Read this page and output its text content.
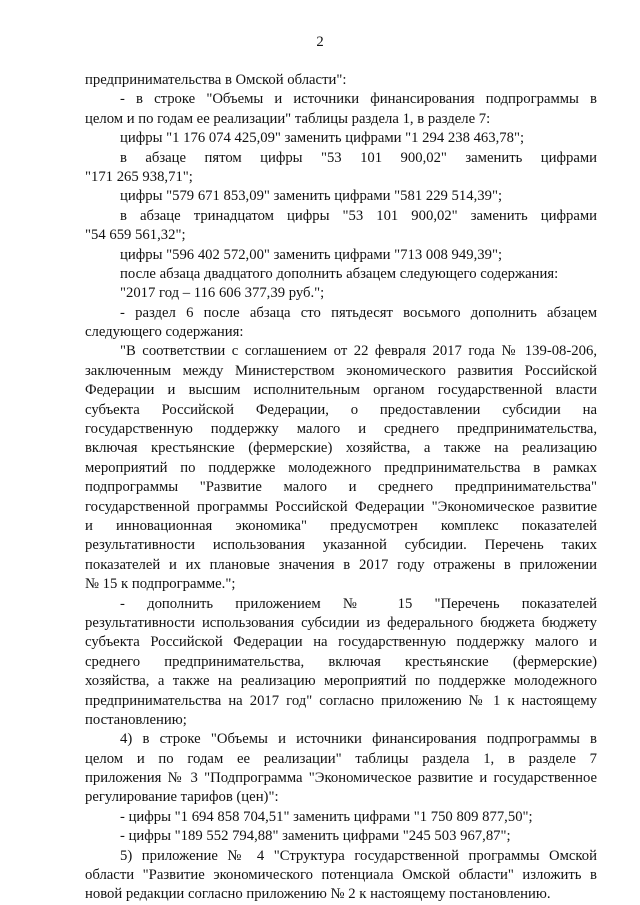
2
предпринимательства в Омской области":
- в строке "Объемы и источники финансирования подпрограммы в
целом и по годам ее реализации" таблицы раздела 1, в разделе 7:
цифры "1 176 074 425,09" заменить цифрами "1 294 238 463,78";
в абзаце пятом цифры "53 101 900,02" заменить цифрами
"171 265 938,71";
цифры "579 671 853,09" заменить цифрами "581 229 514,39";
в абзаце тринадцатом цифры "53 101 900,02" заменить цифрами
"54 659 561,32";
цифры "596 402 572,00" заменить цифрами "713 008 949,39";
после абзаца двадцатого дополнить абзацем следующего содержания:
"2017 год – 116 606 377,39 руб.";
- раздел 6 после абзаца сто пятьдесят восьмого дополнить абзацем
следующего содержания:
"В соответствии с соглашением от 22 февраля 2017 года № 139-08-206,
заключенным между Министерством экономического развития Российской
Федерации и высшим исполнительным органом государственной власти
субъекта Российской Федерации, о предоставлении субсидии на
государственную поддержку малого и среднего предпринимательства,
включая крестьянские (фермерские) хозяйства, а также на реализацию
мероприятий по поддержке молодежного предпринимательства в рамках
подпрограммы "Развитие малого и среднего предпринимательства"
государственной программы Российской Федерации "Экономическое развитие
и инновационная экономика" предусмотрен комплекс показателей
результативности использования указанной субсидии. Перечень таких
показателей и их плановые значения в 2017 году отражены в приложении
№ 15 к подпрограмме.";
- дополнить приложением № 15 "Перечень показателей
результативности использования субсидии из федерального бюджета бюджету
субъекта Российской Федерации на государственную поддержку малого и
среднего предпринимательства, включая крестьянские (фермерские)
хозяйства, а также на реализацию мероприятий по поддержке молодежного
предпринимательства на 2017 год" согласно приложению № 1 к настоящему
постановлению;
4) в строке "Объемы и источники финансирования подпрограммы в
целом и по годам ее реализации" таблицы раздела 1, в разделе 7
приложения № 3 "Подпрограмма "Экономическое развитие и государственное
регулирование тарифов (цен)":
- цифры "1 694 858 704,51" заменить цифрами "1 750 809 877,50";
- цифры "189 552 794,88" заменить цифрами "245 503 967,87";
5) приложение № 4 "Структура государственной программы Омской
области "Развитие экономического потенциала Омской области" изложить в
новой редакции согласно приложению № 2 к настоящему постановлению.
